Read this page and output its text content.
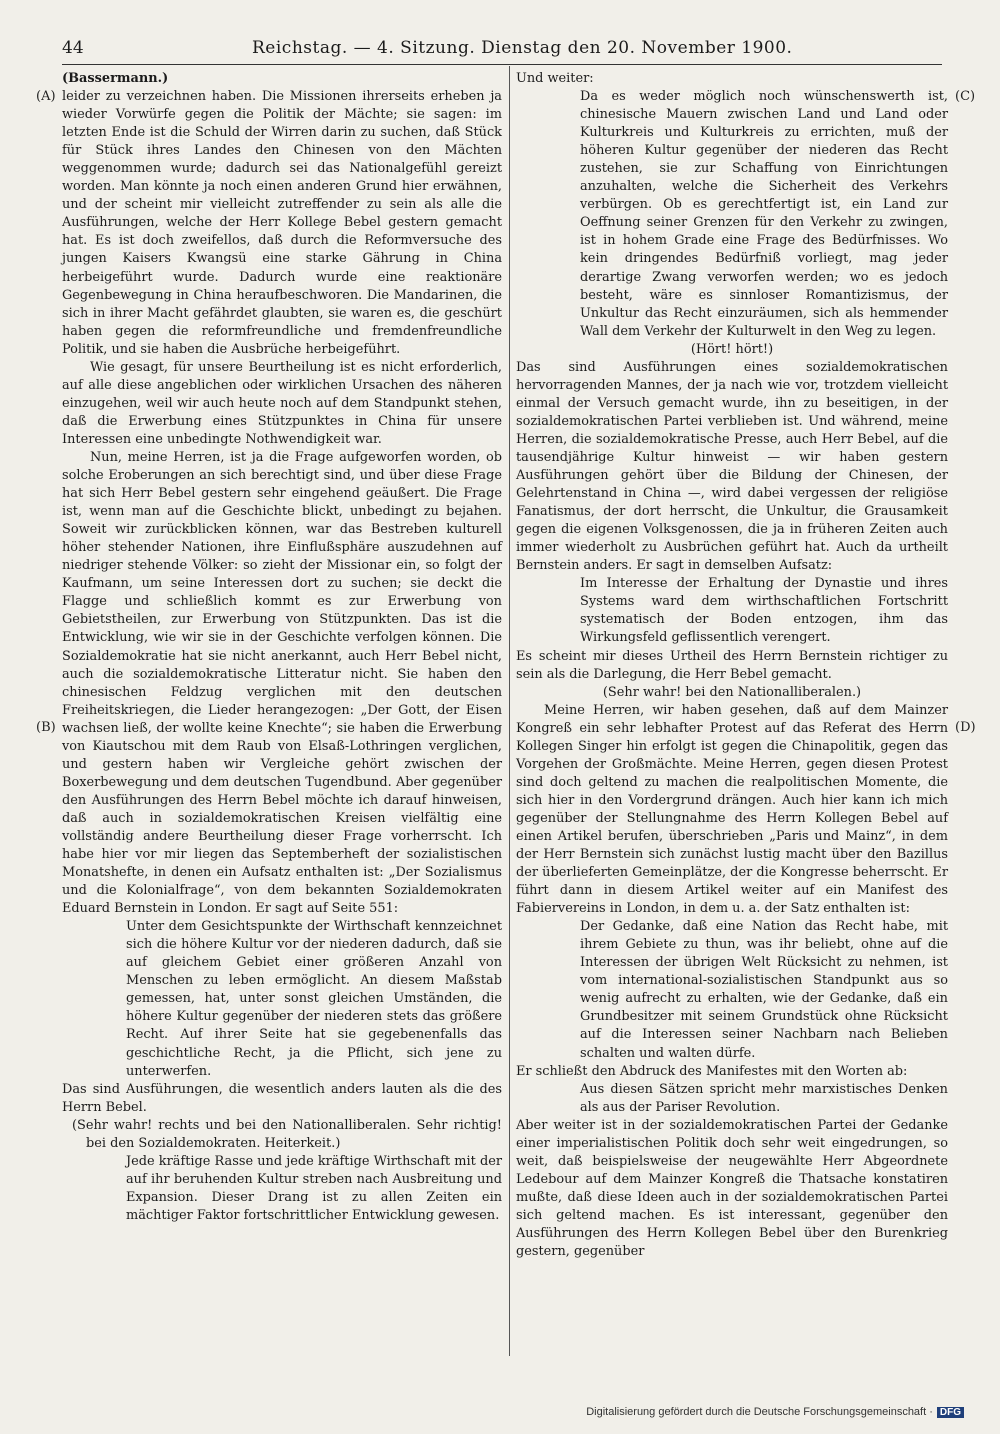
44	Reichstag. — 4. Sitzung. Dienstag den 20. November 1900.
(A)
(B)
(C)
(D)

(Bassermann.)

leider zu verzeichnen haben. Die Missionen ihrerseits erheben ja wieder Vorwürfe gegen die Politik der Mächte; sie sagen: im letzten Ende ist die Schuld der Wirren darin zu suchen, daß Stück für Stück ihres Landes den Chinesen von den Mächten weggenommen wurde; dadurch sei das Nationalgefühl gereizt worden. Man könnte ja noch einen anderen Grund hier erwähnen, und der scheint mir vielleicht zutreffender zu sein als alle die Ausführungen, welche der Herr Kollege Bebel gestern gemacht hat. Es ist doch zweifellos, daß durch die Reformversuche des jungen Kaisers Kwangsü eine starke Gährung in China herbeigeführt wurde. Dadurch wurde eine reaktionäre Gegenbewegung in China heraufbeschworen. Die Mandarinen, die sich in ihrer Macht gefährdet glaubten, sie waren es, die geschürt haben gegen die reformfreundliche und fremdenfreundliche Politik, und sie haben die Ausbrüche herbeigeführt.

Wie gesagt, für unsere Beurtheilung ist es nicht erforderlich, auf alle diese angeblichen oder wirklichen Ursachen des näheren einzugehen, weil wir auch heute noch auf dem Standpunkt stehen, daß die Erwerbung eines Stützpunktes in China für unsere Interessen eine unbedingte Nothwendigkeit war.

Nun, meine Herren, ist ja die Frage aufgeworfen worden, ob solche Eroberungen an sich berechtigt sind, und über diese Frage hat sich Herr Bebel gestern sehr eingehend geäußert. Die Frage ist, wenn man auf die Geschichte blickt, unbedingt zu bejahen. Soweit wir zurückblicken können, war das Bestreben kulturell höher stehender Nationen, ihre Einflußsphäre auszudehnen auf niedriger stehende Völker: so zieht der Missionar ein, so folgt der Kaufmann, um seine Interessen dort zu suchen; sie deckt die Flagge und schließlich kommt es zur Erwerbung von Gebietstheilen, zur Erwerbung von Stützpunkten. Das ist die Entwicklung, wie wir sie in der Geschichte verfolgen können. Die Sozialdemokratie hat sie nicht anerkannt, auch Herr Bebel nicht, auch die sozialdemokratische Litteratur nicht. Sie haben den chinesischen Feldzug verglichen mit den deutschen Freiheitskriegen, die Lieder herangezogen: „Der Gott, der Eisen wachsen ließ, der wollte keine Knechte“; sie haben die Erwerbung von Kiautschou mit dem Raub von Elsaß-Lothringen verglichen, und gestern haben wir Vergleiche gehört zwischen der Boxerbewegung und dem deutschen Tugendbund. Aber gegenüber den Ausführungen des Herrn Bebel möchte ich darauf hinweisen, daß auch in sozialdemokratischen Kreisen vielfältig eine vollständig andere Beurtheilung dieser Frage vorherrscht. Ich habe hier vor mir liegen das Septemberheft der sozialistischen Monatshefte, in denen ein Aufsatz enthalten ist: „Der Sozialismus und die Kolonialfrage“, von dem bekannten Sozialdemokraten Eduard Bernstein in London. Er sagt auf Seite 551:

Unter dem Gesichtspunkte der Wirthschaft kennzeichnet sich die höhere Kultur vor der niederen dadurch, daß sie auf gleichem Gebiet einer größeren Anzahl von Menschen zu leben ermöglicht. An diesem Maßstab gemessen, hat, unter sonst gleichen Umständen, die höhere Kultur gegenüber der niederen stets das größere Recht. Auf ihrer Seite hat sie gegebenenfalls das geschichtliche Recht, ja die Pflicht, sich jene zu unterwerfen.

Das sind Ausführungen, die wesentlich anders lauten als die des Herrn Bebel.

(Sehr wahr! rechts und bei den Nationalliberalen. Sehr richtig! bei den Sozialdemokraten. Heiterkeit.)

Jede kräftige Rasse und jede kräftige Wirthschaft mit der auf ihr beruhenden Kultur streben nach Ausbreitung und Expansion. Dieser Drang ist zu allen Zeiten ein mächtiger Faktor fortschrittlicher Entwicklung gewesen.

Und weiter:

Da es weder möglich noch wünschenswerth ist, chinesische Mauern zwischen Land und Land oder Kulturkreis und Kulturkreis zu errichten, muß der höheren Kultur gegenüber der niederen das Recht zustehen, sie zur Schaffung von Einrichtungen anzuhalten, welche die Sicherheit des Verkehrs verbürgen. Ob es gerechtfertigt ist, ein Land zur Oeffnung seiner Grenzen für den Verkehr zu zwingen, ist in hohem Grade eine Frage des Bedürfnisses. Wo kein dringendes Bedürfniß vorliegt, mag jeder derartige Zwang verworfen werden; wo es jedoch besteht, wäre es sinnloser Romantizismus, der Unkultur das Recht einzuräumen, sich als hemmender Wall dem Verkehr der Kulturwelt in den Weg zu legen.

(Hört! hört!)

Das sind Ausführungen eines sozialdemokratischen hervorragenden Mannes, der ja nach wie vor, trotzdem vielleicht einmal der Versuch gemacht wurde, ihn zu beseitigen, in der sozialdemokratischen Partei verblieben ist. Und während, meine Herren, die sozialdemokratische Presse, auch Herr Bebel, auf die tausendjährige Kultur hinweist — wir haben gestern Ausführungen gehört über die Bildung der Chinesen, der Gelehrtenstand in China —, wird dabei vergessen der religiöse Fanatismus, der dort herrscht, die Unkultur, die Grausamkeit gegen die eigenen Volksgenossen, die ja in früheren Zeiten auch immer wiederholt zu Ausbrüchen geführt hat. Auch da urtheilt Bernstein anders. Er sagt in demselben Aufsatz:

Im Interesse der Erhaltung der Dynastie und ihres Systems ward dem wirthschaftlichen Fortschritt systematisch der Boden entzogen, ihm das Wirkungsfeld geflissentlich verengert.

Es scheint mir dieses Urtheil des Herrn Bernstein richtiger zu sein als die Darlegung, die Herr Bebel gemacht.

(Sehr wahr! bei den Nationalliberalen.)

Meine Herren, wir haben gesehen, daß auf dem Mainzer Kongreß ein sehr lebhafter Protest auf das Referat des Herrn Kollegen Singer hin erfolgt ist gegen die Chinapolitik, gegen das Vorgehen der Großmächte. Meine Herren, gegen diesen Protest sind doch geltend zu machen die realpolitischen Momente, die sich hier in den Vordergrund drängen. Auch hier kann ich mich gegenüber der Stellungnahme des Herrn Kollegen Bebel auf einen Artikel berufen, überschrieben „Paris und Mainz“, in dem der Herr Bernstein sich zunächst lustig macht über den Bazillus der überlieferten Gemeinplätze, der die Kongresse beherrscht. Er führt dann in diesem Artikel weiter auf ein Manifest des Fabiervereins in London, in dem u. a. der Satz enthalten ist:

Der Gedanke, daß eine Nation das Recht habe, mit ihrem Gebiete zu thun, was ihr beliebt, ohne auf die Interessen der übrigen Welt Rücksicht zu nehmen, ist vom international-sozialistischen Standpunkt aus so wenig aufrecht zu erhalten, wie der Gedanke, daß ein Grundbesitzer mit seinem Grundstück ohne Rücksicht auf die Interessen seiner Nachbarn nach Belieben schalten und walten dürfe.

Er schließt den Abdruck des Manifestes mit den Worten ab:

Aus diesen Sätzen spricht mehr marxistisches Denken als aus der Pariser Revolution.

Aber weiter ist in der sozialdemokratischen Partei der Gedanke einer imperialistischen Politik doch sehr weit eingedrungen, so weit, daß beispielsweise der neugewählte Herr Abgeordnete Ledebour auf dem Mainzer Kongreß die Thatsache konstatiren mußte, daß diese Ideen auch in der sozialdemokratischen Partei sich geltend machen. Es ist interessant, gegenüber den Ausführungen des Herrn Kollegen Bebel über den Burenkrieg gestern, gegenüber

Digitalisierung gefördert durch die Deutsche Forschungsgemeinschaft · DFG
